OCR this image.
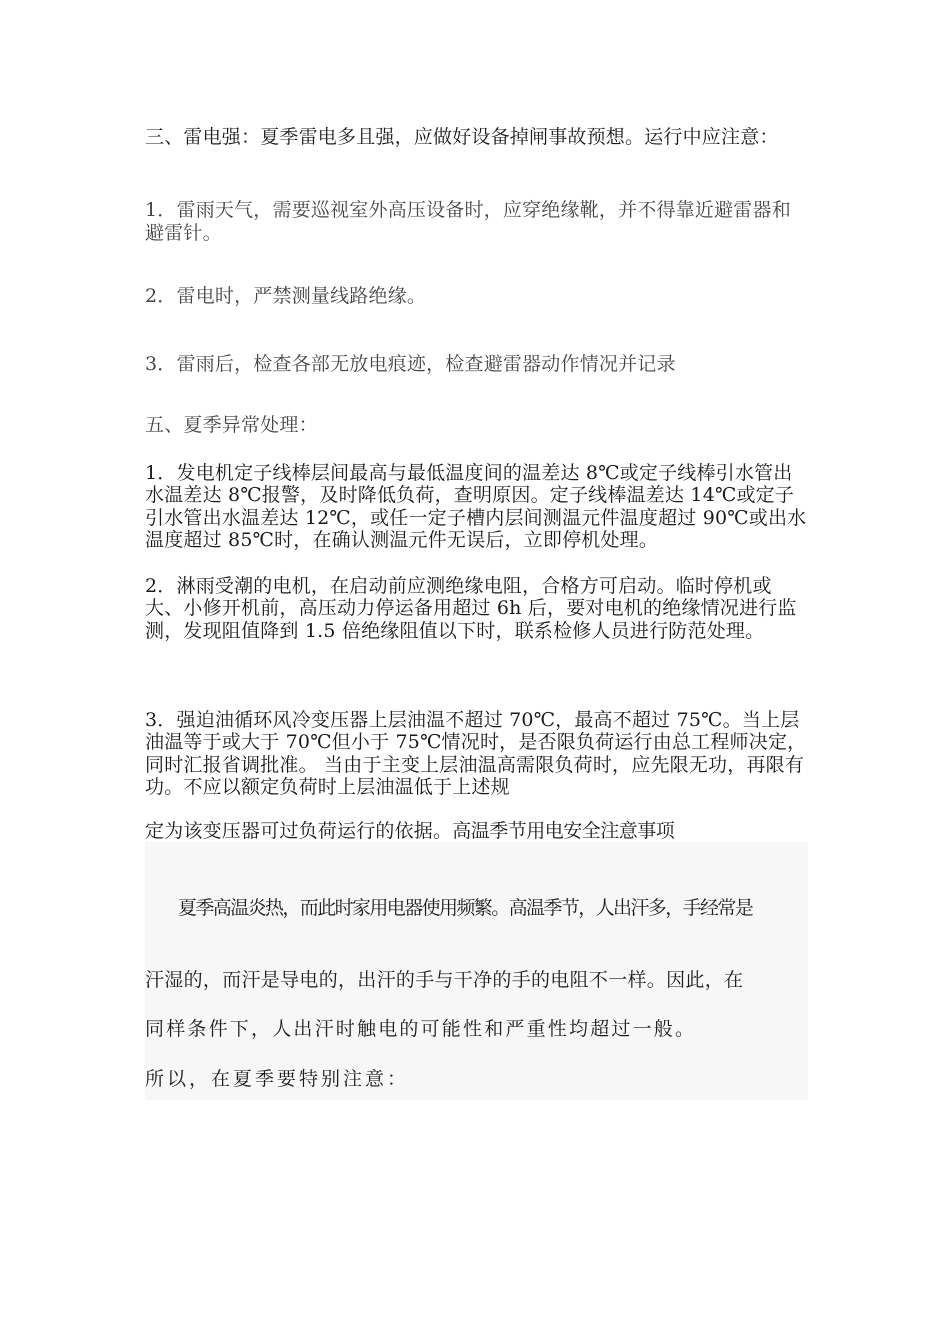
三、雷电强：夏季雷电多且强，应做好设备掉闸事故预想。运行中应注意：

1．雷雨天气，需要巡视室外高压设备时，应穿绝缘靴，并不得靠近避雷器和避雷针。

2．雷电时，严禁测量线路绝缘。

3．雷雨后，检查各部无放电痕迹，检查避雷器动作情况并记录

五、夏季异常处理：

1．发电机定子线棒层间最高与最低温度间的温差达 8℃或定子线棒引水管出水温差达 8℃报警，及时降低负荷，查明原因。定子线棒温差达 14℃或定子引水管出水温差达 12℃，或任一定子槽内层间测温元件温度超过 90℃或出水温度超过 85℃时，在确认测温元件无误后，立即停机处理。

2．淋雨受潮的电机，在启动前应测绝缘电阻，合格方可启动。临时停机或大、小修开机前，高压动力停运备用超过 6h 后，要对电机的绝缘情况进行监测，发现阻值降到 1.5 倍绝缘阻值以下时，联系检修人员进行防范处理。

3．强迫油循环风冷变压器上层油温不超过 70℃，最高不超过 75℃。当上层油温等于或大于 70℃但小于 75℃情况时，是否限负荷运行由总工程师决定，同时汇报省调批准。 当由于主变上层油温高需限负荷时，应先限无功，再限有功。不应以额定负荷时上层油温低于上述规

定为该变压器可过负荷运行的依据。高温季节用电安全注意事项
夏季高温炎热，而此时家用电器使用频繁。高温季节，人出汗多，手经常是
汗湿的，而汗是导电的，出汗的手与干净的手的电阻不一样。因此，在
同样条件下，人出汗时触电的可能性和严重性均超过一般。
所以，在夏季要特别注意：
